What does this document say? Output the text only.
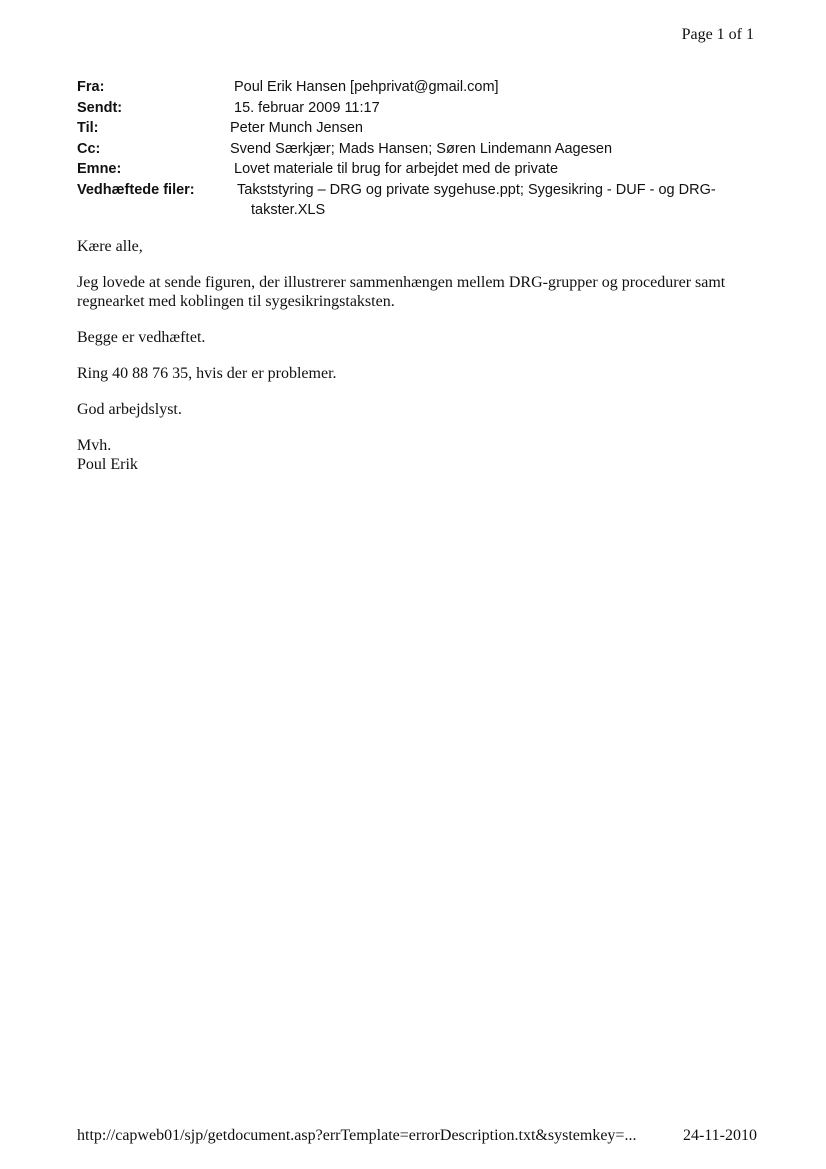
Page 1 of 1
Fra:	Poul Erik Hansen [pehprivat@gmail.com]
Sendt:	15. februar 2009 11:17
Til:	Peter Munch Jensen
Cc:	Svend Særkjær; Mads Hansen; Søren Lindemann Aagesen
Emne:	Lovet materiale til brug for arbejdet med de private
Vedhæftede filer:	Takststyring – DRG og private sygehuse.ppt; Sygesikring - DUF - og DRG-
takster.XLS

Kære alle,

Jeg lovede at sende figuren, der illustrerer sammenhængen mellem DRG-grupper og procedurer samt
regnearket med koblingen til sygesikringstaksten.

Begge er vedhæftet.

Ring 40 88 76 35, hvis der er problemer.

God arbejdslyst.

Mvh.
Poul Erik

http://capweb01/sjp/getdocument.asp?errTemplate=errorDescription.txt&systemkey=...	24-11-2010
